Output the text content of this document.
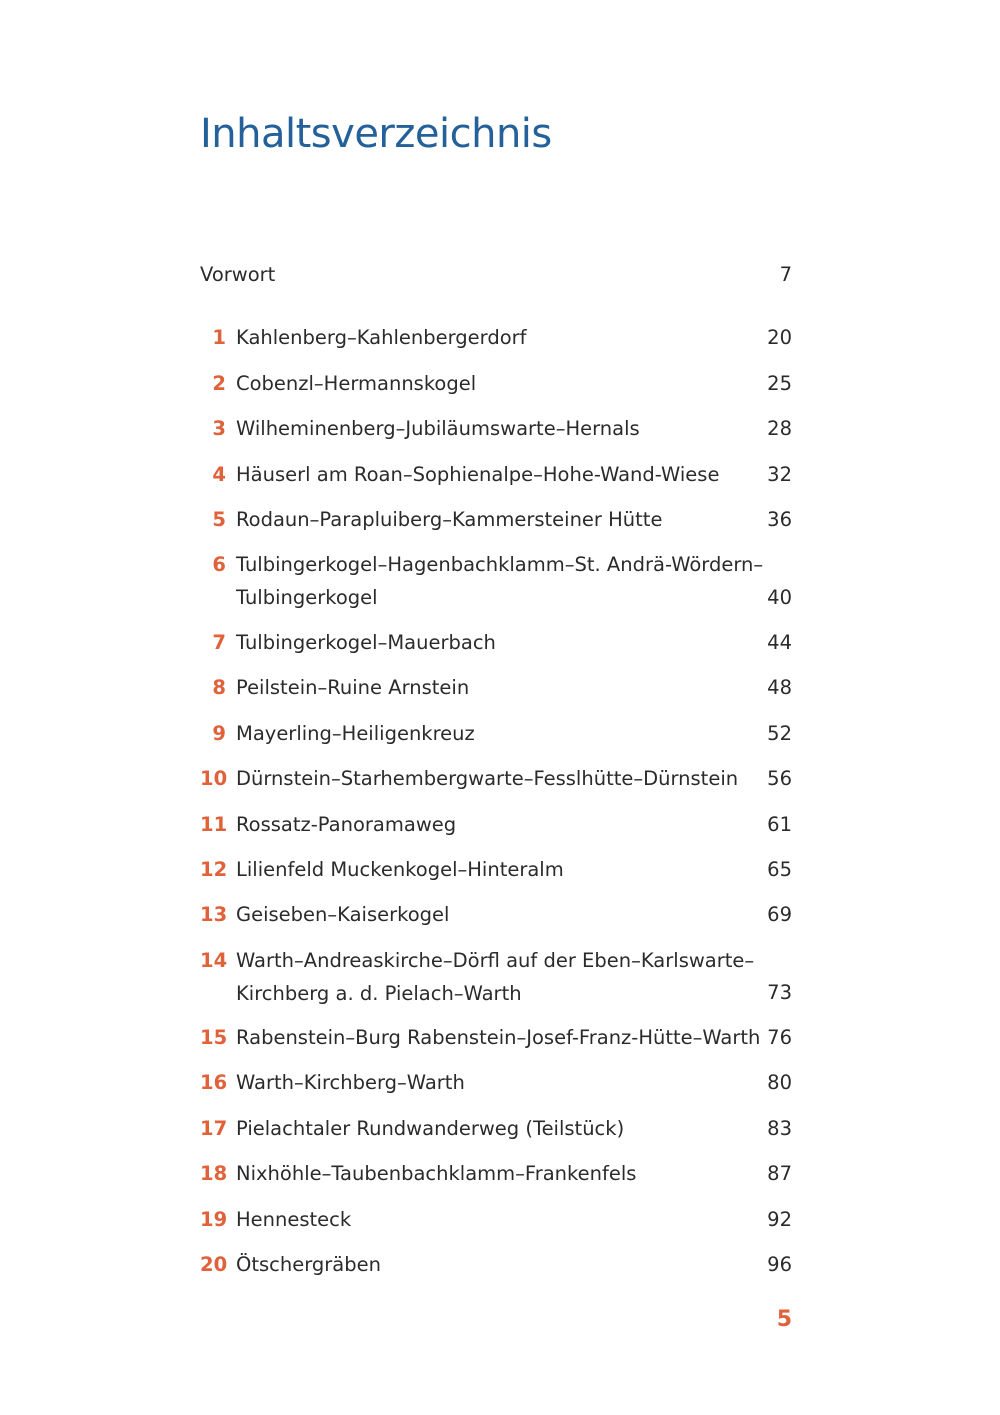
Inhaltsverzeichnis
Vorwort	7
1 Kahlenberg–Kahlenbergerdorf	20
2 Cobenzl–Hermannskogel	25
3 Wilheminenberg–Jubiläumswarte–Hernals	28
4 Häuserl am Roan–Sophienalpe–Hohe-Wand-Wiese	32
5 Rodaun–Parapluiberg–Kammersteiner Hütte	36
6 Tulbingerkogel–Hagenbachklamm–St. Andrä-Wördern–
Tulbingerkogel	40
7 Tulbingerkogel–Mauerbach	44
8 Peilstein–Ruine Arnstein	48
9 Mayerling–Heiligenkreuz	52
10 Dürnstein–Starhembergwarte–Fesslhütte–Dürnstein	56
11 Rossatz-Panoramaweg	61
12 Lilienfeld Muckenkogel–Hinteralm	65
13 Geiseben–Kaiserkogel	69
14 Warth–Andreaskirche–Dörfl auf der Eben–Karlswarte–
Kirchberg a. d. Pielach–Warth	73
15 Rabenstein–Burg Rabenstein–Josef-Franz-Hütte–Warth 76
16 Warth–Kirchberg–Warth	80
17 Pielachtaler Rundwanderweg (Teilstück)	83
18 Nixhöhle–Taubenbachklamm–Frankenfels	87
19 Hennesteck	92
20 Ötschergräben	96
5
